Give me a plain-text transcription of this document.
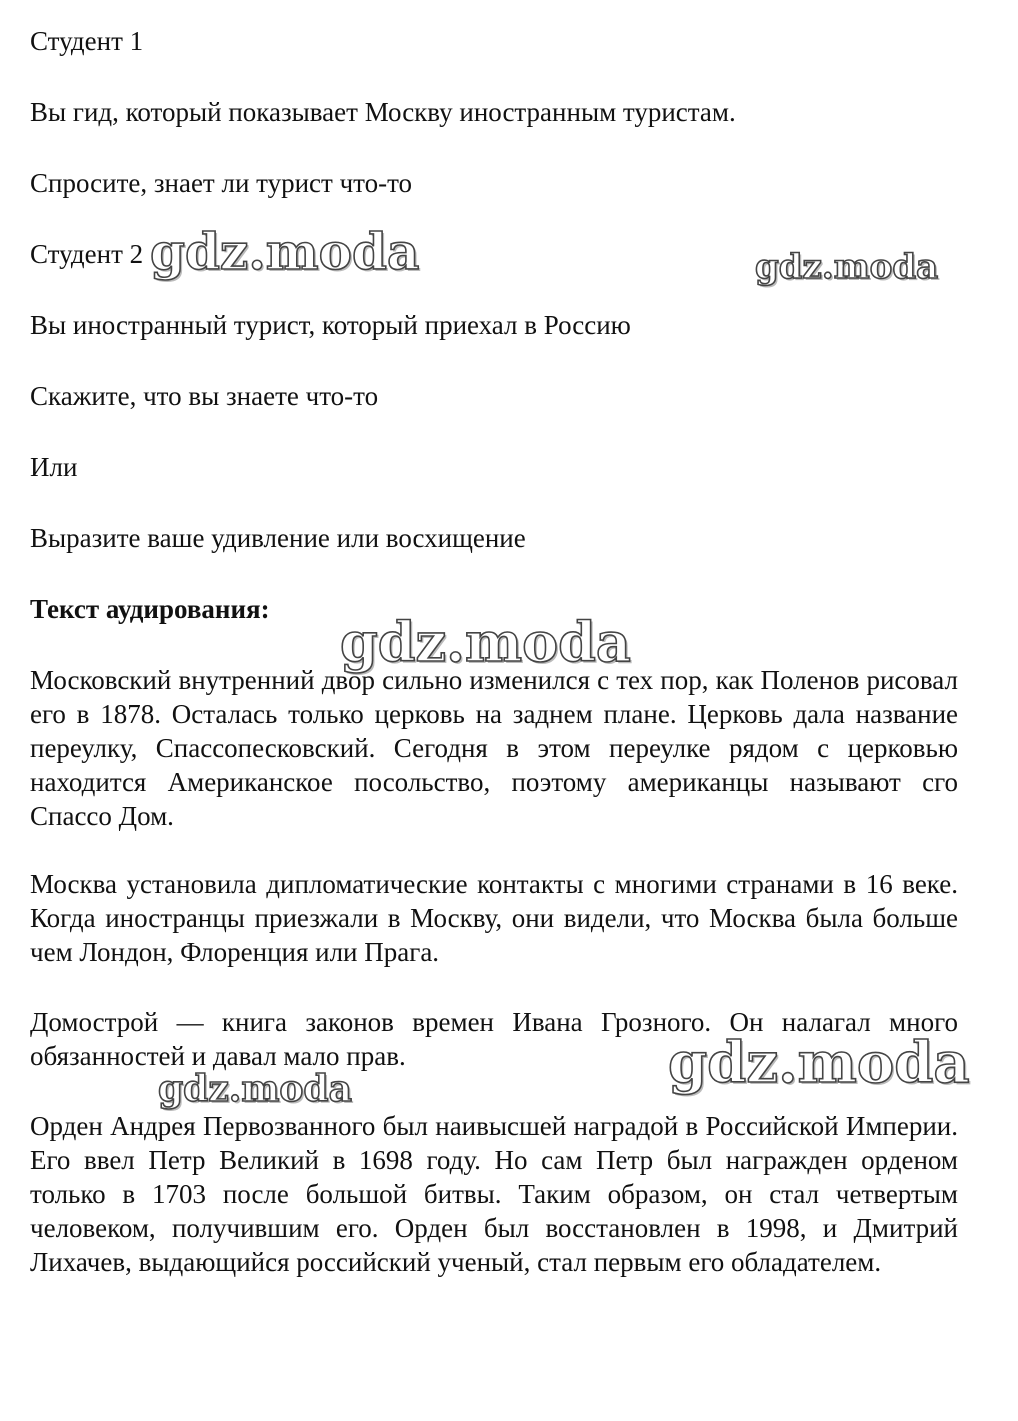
Студент 1
Вы гид, который показывает Москву иностранным туристам.
Спросите, знает ли турист что-то
Студент 2
Вы иностранный турист, который приехал в Россию
Скажите, что вы знаете что-то
Или
Выразите ваше удивление или восхищение
Текст аудирования:
Московский внутренний двор сильно изменился с тех пор, как Поленов рисовал его в 1878. Осталась только церковь на заднем плане. Церковь дала название переулку, Спассопесковский. Сегодня в этом переулке рядом с церковью находится Американское посольство, поэтому американцы называют сго Спассо Дом.
Москва установила дипломатические контакты с многими странами в 16 веке. Когда иностранцы приезжали в Москву, они видели, что Москва была больше чем Лондон, Флоренция или Прага.
Домострой — книга законов времен Ивана Грозного. Он налагал много обязанностей и давал мало прав.
Орден Андрея Первозванного был наивысшей наградой в Российской Империи. Его ввел Петр Великий в 1698 году. Но сам Петр был награжден орденом только в 1703 после большой битвы. Таким образом, он стал четвертым человеком, получившим его. Орден был восстановлен в 1998, и Дмитрий Лихачев, выдающийся российский ученый, стал первым его обладателем.
gdz.moda	gdz.moda
gdz.moda
gdz.moda
gdz.moda
